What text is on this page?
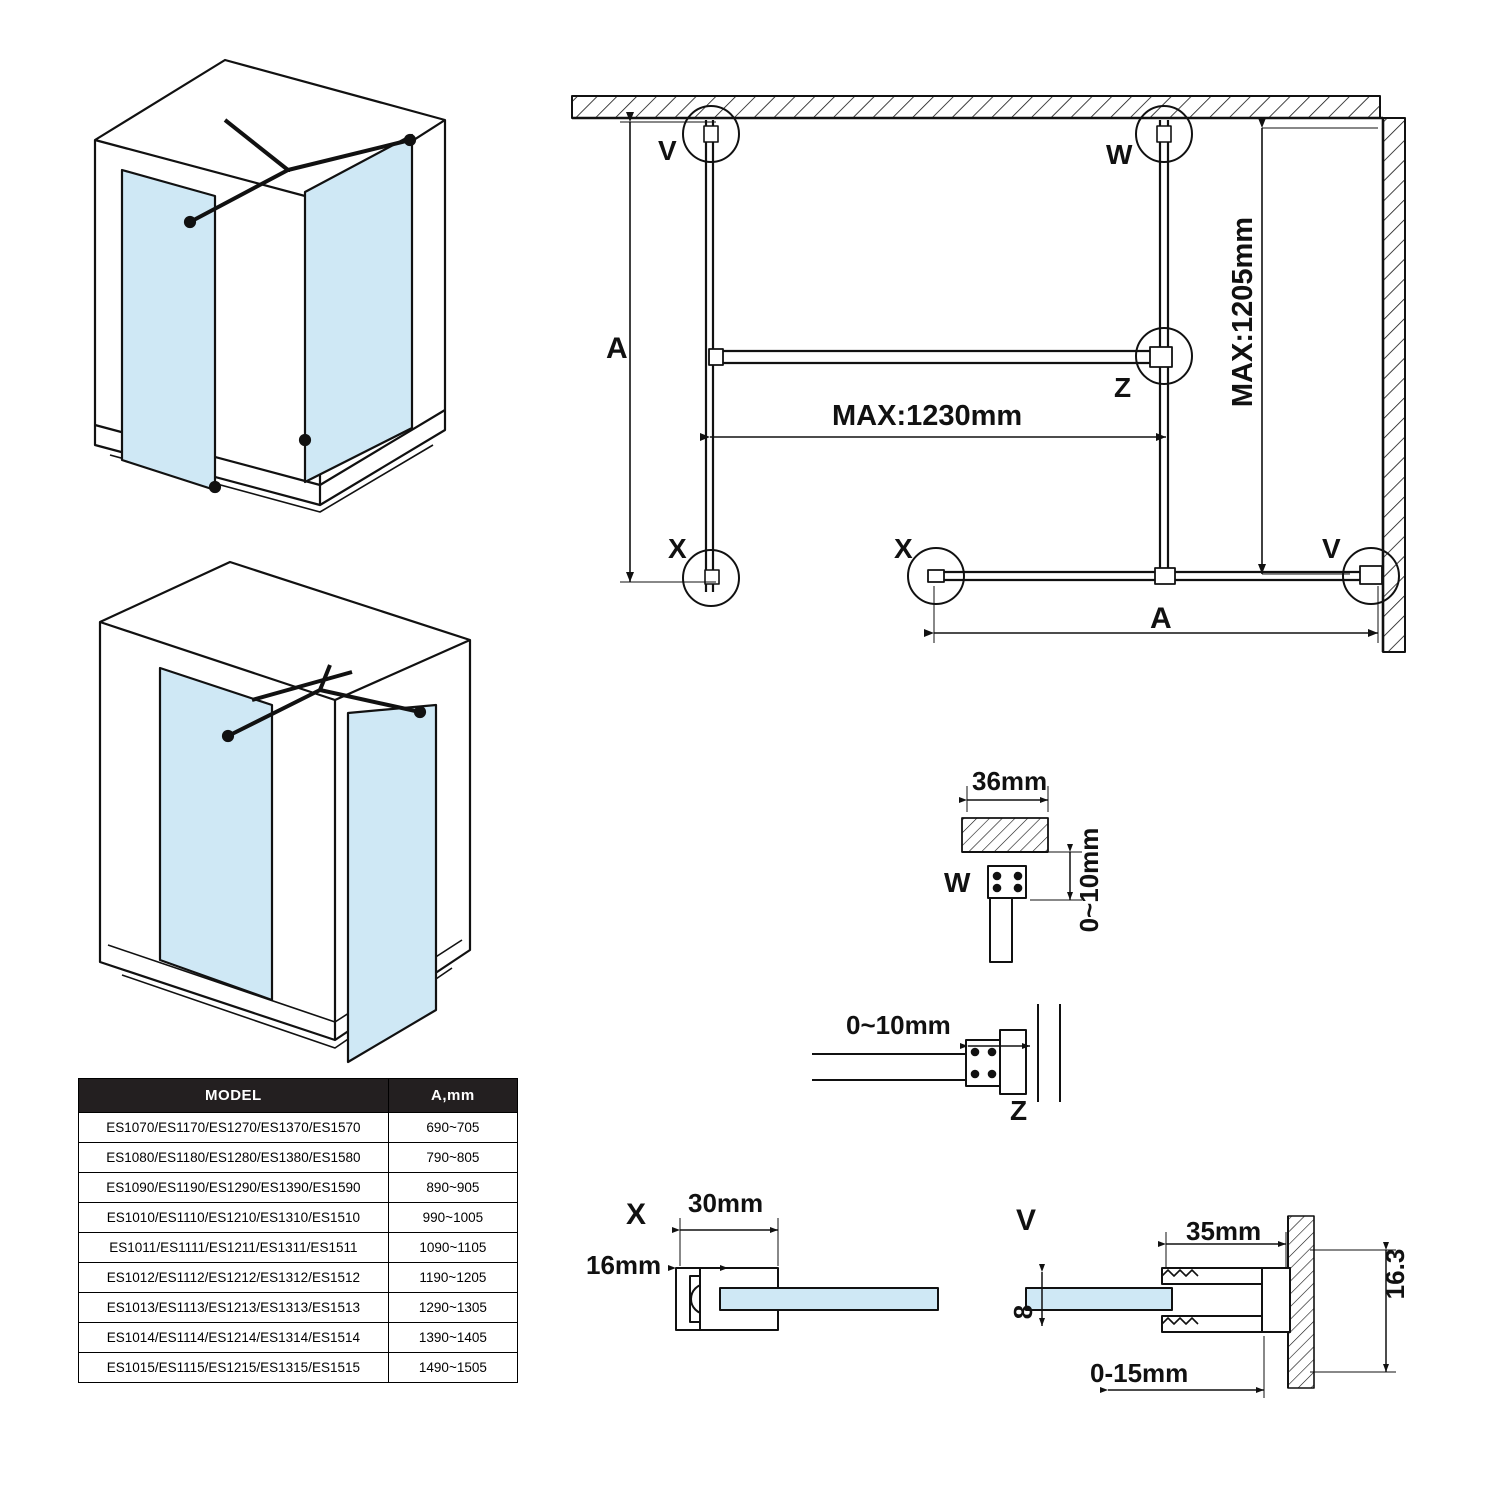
V	W
Z
X	X	V
A
A
MAX:1230mm
MAX:1205mm
36mm
0~10mm
W
0~10mm
Z
X 30mm
16mm
V	35mm
16.3
8
0-15mm
MODEL	A,mm
ES1070/ES1170/ES1270/ES1370/ES1570	690~705
ES1080/ES1180/ES1280/ES1380/ES1580	790~805
ES1090/ES1190/ES1290/ES1390/ES1590	890~905
ES1010/ES1110/ES1210/ES1310/ES1510	990~1005
ES1011/ES1111/ES1211/ES1311/ES1511	1090~1105
ES1012/ES1112/ES1212/ES1312/ES1512	1190~1205
ES1013/ES1113/ES1213/ES1313/ES1513	1290~1305
ES1014/ES1114/ES1214/ES1314/ES1514	1390~1405
ES1015/ES1115/ES1215/ES1315/ES1515	1490~1505
